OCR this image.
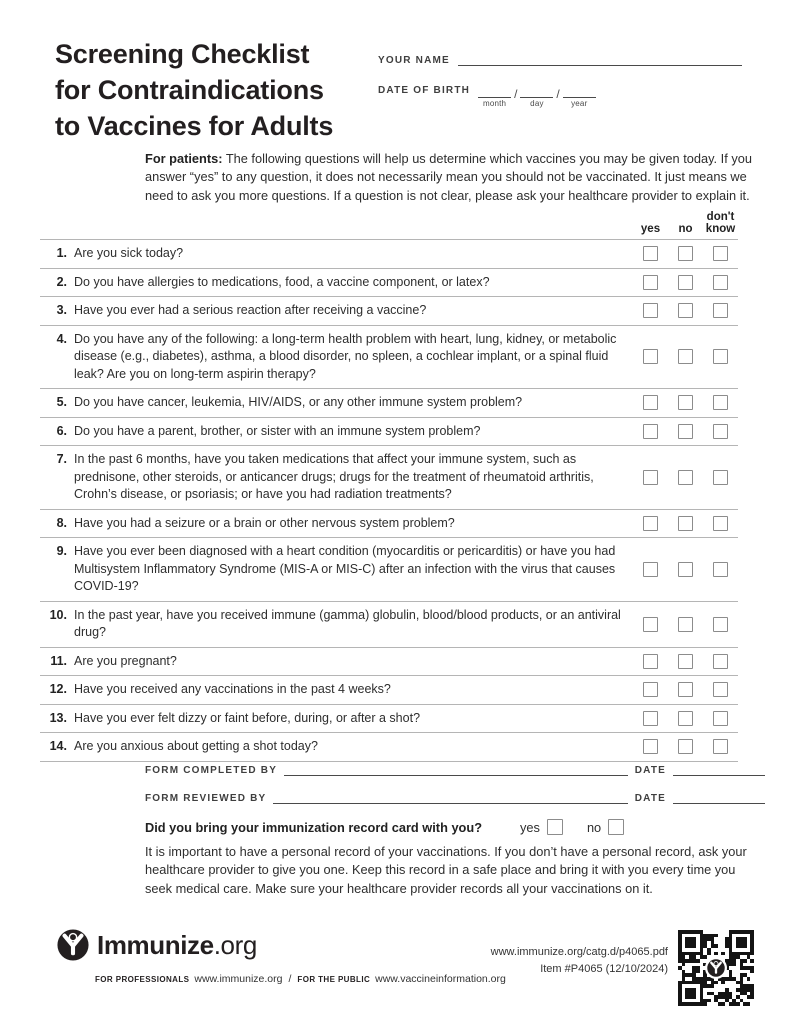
Screening Checklist
for Contraindications
to Vaccines for Adults
YOUR NAME
DATE OF BIRTH
month
/
day
/
year
For patients: The following questions will help us determine which vaccines you may be given today. If you answer “yes” to any question, it does not necessarily mean you should not be vaccinated. It just means we need to ask you more questions. If a question is not clear, please ask your healthcare provider to explain it.
yes	no
don't know
1. Are you sick today?
2. Do you have allergies to medications, food, a vaccine component, or latex?
3. Have you ever had a serious reaction after receiving a vaccine?
4. Do you have any of the following: a long-term health problem with heart, lung, kidney, or metabolic disease (e.g., diabetes), asthma, a blood disorder, no spleen, a cochlear implant, or a spinal fluid leak? Are you on long-term aspirin therapy?
5. Do you have cancer, leukemia, HIV/AIDS, or any other immune system problem?
6. Do you have a parent, brother, or sister with an immune system problem?
7. In the past 6 months, have you taken medications that affect your immune system, such as prednisone, other steroids, or anticancer drugs; drugs for the treatment of rheumatoid arthritis, Crohn’s disease, or psoriasis; or have you had radiation treatments?
8. Have you had a seizure or a brain or other nervous system problem?
9. Have you ever been diagnosed with a heart condition (myocarditis or pericarditis) or have you had Multisystem Inflammatory Syndrome (MIS-A or MIS-C) after an infection with the virus that causes COVID-19?
10. In the past year, have you received immune (gamma) globulin, blood/blood products, or an antiviral drug?
11. Are you pregnant?
12. Have you received any vaccinations in the past 4 weeks?
13. Have you ever felt dizzy or faint before, during, or after a shot?
14. Are you anxious about getting a shot today?
FORM COMPLETED BY	DATE
FORM REVIEWED BY	DATE
Did you bring your immunization record card with you?	yes	no
It is important to have a personal record of your vaccinations. If you don’t have a personal record, ask your healthcare provider to give you one. Keep this record in a safe place and bring it with you every time you seek medical care. Make sure your healthcare provider records all your vaccinations on it.
Immunize.org
FOR PROFESSIONALS www.immunize.org / FOR THE PUBLIC www.vaccineinformation.org
www.immunize.org/catg.d/p4065.pdf
Item #P4065 (12/10/2024)
